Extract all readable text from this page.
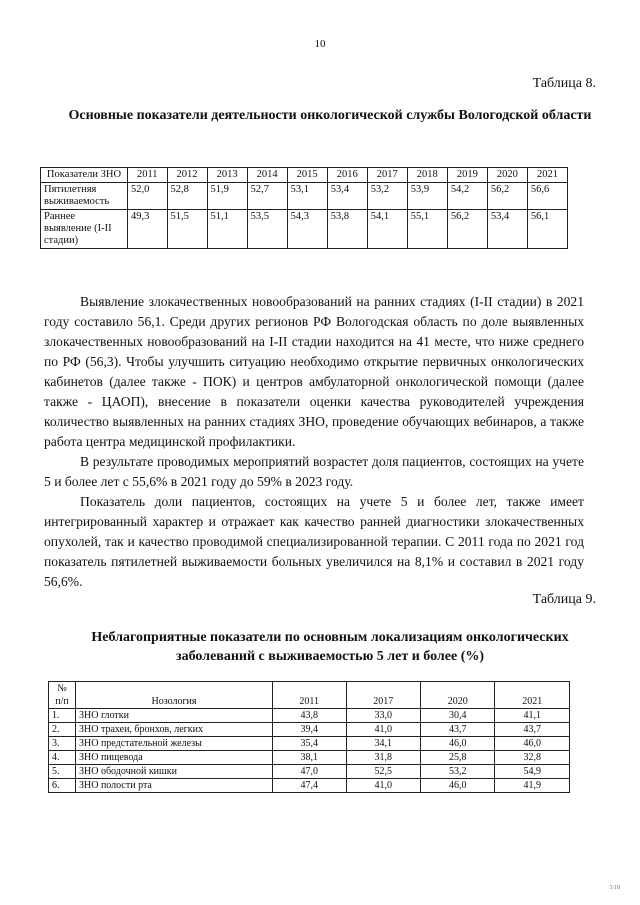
10
Таблица 8.
Основные показатели деятельности онкологической службы Вологодской области
Показатели ЗНО	2011	2012	2013	2014	2015	2016	2017	2018	2019	2020	2021
Пятилетняя выживаемость	52,0	52,8	51,9	52,7	53,1	53,4	53,2	53,9	54,2	56,2	56,6
Раннее выявление (I-II стадии)	49,3	51,5	51,1	53,5	54,3	53,8	54,1	55,1	56,2	53,4	56,1

Выявление злокачественных новообразований на ранних стадиях (I-II стадии) в 2021 году составило 56,1. Среди других регионов РФ Вологодская область по доле выявленных злокачественных новообразований на I-II стадии находится на 41 месте, что ниже среднего по РФ (56,3). Чтобы улучшить ситуацию необходимо открытие первичных онкологических кабинетов (далее также - ПОК) и центров амбулаторной онкологической помощи (далее также - ЦАОП), внесение в показатели оценки качества руководителей учреждения количество выявленных на ранних стадиях ЗНО, проведение обучающих вебинаров, а также работа центра медицинской профилактики.

В результате проводимых мероприятий возрастет доля пациентов, состоящих на учете 5 и более лет с 55,6% в 2021 году до 59% в 2023 году.

Показатель доли пациентов, состоящих на учете 5 и более лет, также имеет интегрированный характер и отражает как качество ранней диагностики злокачественных опухолей, так и качество проводимой специализированной терапии. С 2011 года по 2021 год показатель пятилетней выживаемости больных увеличился на 8,1% и составил в 2021 году 56,6%.

Таблица 9.
Неблагоприятные показатели по основным локализациям онкологических заболеваний с выживаемостью 5 лет и более (%)
№ п/п	Нозология	2011	2017	2020	2021
1.	ЗНО глотки	43,8	33,0	30,4	41,1
2.	ЗНО трахеи, бронхов, легких	39,4	41,0	43,7	43,7
3.	ЗНО предстательной железы	35,4	34,1	46,0	46,0
4.	ЗНО пищевода	38,1	31,8	25,8	32,8
5.	ЗНО ободочной кишки	47,0	52,5	53,2	54,9
6.	ЗНО полости рта	47,4	41,0	46,0	41,9
5/18
